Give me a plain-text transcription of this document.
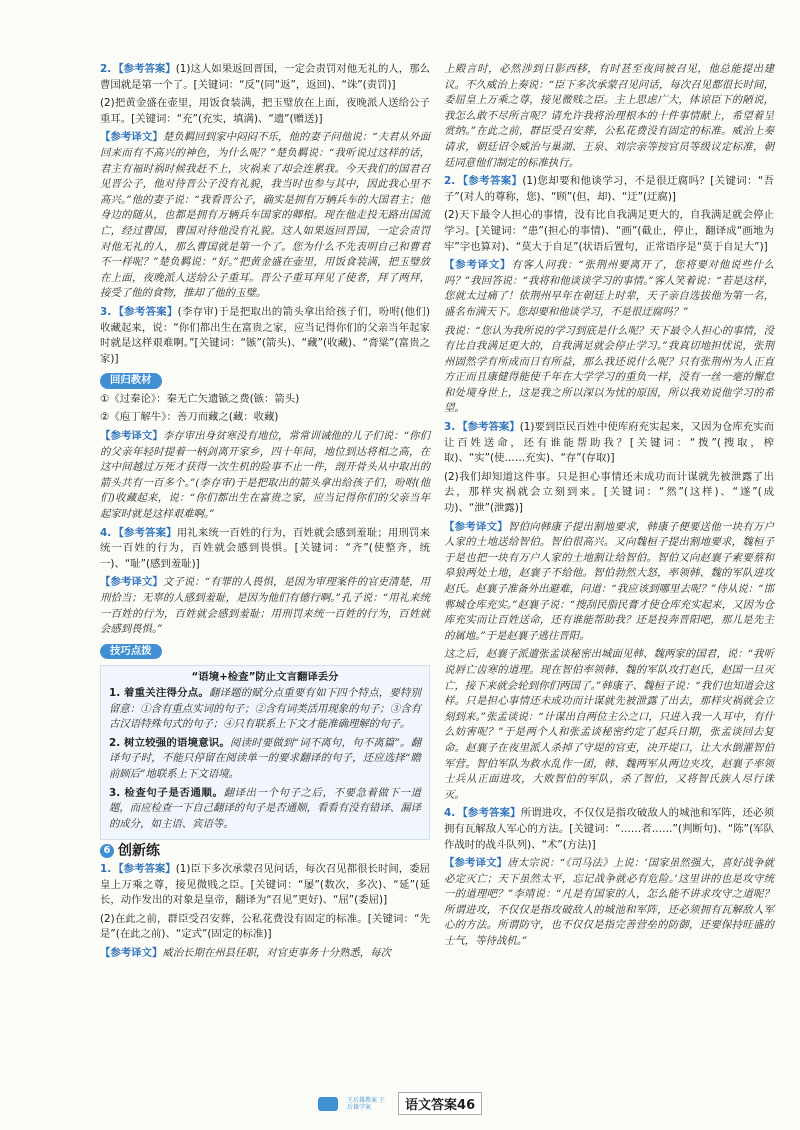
2. 【参考答案】(1)这人如果返回晋国，一定会责罚对他无礼的人，那么曹国就是第一个了。[关键词：“反”(同“返”，返回)、“诛”(责罚)]
(2)把黄金盛在壶里，用饭食装满，把玉璧放在上面，夜晚派人送给公子重耳。[关键词：“充”(充实，填满)、“遗”(赠送)]
【参考译文】楚负羁回到家中闷闷不乐，他的妻子问他说：“夫君从外面回来而有不高兴的神色，为什么呢？”楚负羁说：“我听说过这样的话，君主有福时祸时候我赶不上，灾祸来了却会连累我。今天我们的国君召见晋公子，他对待晋公子没有礼貌，我当时也参与其中，因此我心里不高兴。”他的妻子说：“我看晋公子，确实是拥有万辆兵车的大国君主；他身边的随从，也都是拥有万辆兵车国家的卿相。现在他走投无路出国流亡，经过曹国，曹国对待他没有礼貌。这人如果返回晋国，一定会责罚对他无礼的人，那么曹国就是第一个了。您为什么不先表明自己和曹君不一样呢？”楚负羁说：“好。”把黄金盛在壶里，用饭食装满，把玉璧放在上面，夜晚派人送给公子重耳。晋公子重耳拜见了使者，拜了两拜，接受了他的食物，推却了他的玉璧。
3. 【参考答案】(李存审)于是把取出的箭头拿出给孩子们，吩咐(他们)收藏起来，说：“你们都出生在富贵之家，应当记得你们的父亲当年起家时就是这样艰难啊。”[关键词：“镞”(箭头)、“藏”(收藏)、“膏粱”(富贵之家)]
回归教材
①《过秦论》：秦无亡矢遗镞之费(镞：箭头)
②《庖丁解牛》：善刀而藏之(藏：收藏)
【参考译文】李存审出身贫寒没有地位，常常训诫他的儿子们说：“你们的父亲年轻时提着一柄剑离开家乡，四十年间，地位到达将相之高，在这中间越过万死才获得一次生机的险事不止一件，剖开骨头从中取出的箭头共有一百多个。”(李存审)于是把取出的箭头拿出给孩子们，吩咐(他们)收藏起来，说：“你们都出生在富贵之家，应当记得你们的父亲当年起家时就是这样艰难啊。”
4. 【参考答案】用礼来统一百姓的行为，百姓就会感到羞耻；用刑罚来统一百姓的行为，百姓就会感到畏惧。[关键词：“齐”(使整齐，统一)、“耻”(感到羞耻)]
【参考译文】文子说：“有罪的人畏惧，是因为审理案件的官吏清楚，用刑恰当；无辜的人感到羞耻，是因为他们有德行啊。”孔子说：“用礼来统一百姓的行为，百姓就会感到羞耻；用刑罚来统一百姓的行为，百姓就会感到畏惧。”
技巧点拨
“语境+检查”防止文言翻译丢分
1. 着重关注得分点。翻译题的赋分点重要有如下四个特点，要特别留意：①含有重点实词的句子；②含有词类活用现象的句子；③含有古汉语特殊句式的句子；④只有联系上下文才能准确理解的句子。
2. 树立较强的语境意识。阅读时要做到“词不离句，句不离篇”。翻译句子时，不能只停留在阅读单一的要求翻译的句子，还应选择“瞻前顾后”地联系上下文语境。
3. 检查句子是否通顺。翻译出一个句子之后，不要急着做下一道题，而应检查一下自己翻译的句子是否通顺，看看有没有错译、漏译的成分，如主语、宾语等。
6 创新练
1. 【参考答案】(1)臣下多次承蒙召见问话，每次召见都很长时间，委屈皇上万乘之尊，接见微贱之臣。[关键词：“屡”(数次，多次)、“延”(延长，动作发出的对象是皇帝，翻译为“召见”更好)、“屈”(委屈)]
(2)在此之前，群臣受召安葬，公私花费没有固定的标准。[关键词：“先是”(在此之前)、“定式”(固定的标准)]
【参考译文】威治长期在州县任职，对官吏事务十分熟悉，每次
上殿言时，必然涉到日影西移，有时甚至夜间被召见，他总能提出建议。不久威治上奏说：“臣下多次承蒙召见问话，每次召见都很长时间，委屈皇上万乘之尊，接见微贱之臣。主上思虑广大，体谅臣下的陋说，我怎么敢不尽所言呢？请允许我将治理根本的十件事情献上，希望着呈赏纳。”在此之前，群臣受召安葬，公私花费没有固定的标准。威治上奏请求，朝廷诏令威治与巢湖、王泉、刘宗亲等按官员等级议定标准，朝廷同意他们制定的标准执行。
2. 【参考答案】(1)您却要和他谈学习，不是很迂腐吗？[关键词：“吾子”(对人的尊称，您)、“顾”(但，却)、“迂”(迂腐)]
(2)天下最令人担心的事情，没有比自我满足更大的，自我满足就会停止学习。[关键词：“患”(担心的事情)、“画”(截止，停止，翻译成“画地为牢”字也算对)、“莫大于自足”(状语后置句，正常语序是“莫于自足大”)]
【参考译文】有客人问我：“张荆州要离开了，您将要对他说些什么吗？”我回答说：“我将和他谈谈学习的事情。”客人笑着说：“若是这样，您就太过痛了！依荆州早年在朝廷上时辈，天子亲自选拔他为第一名，盛名布满天下。您却要和他谈学习，不是很迂腐吗？”
我说：“您认为我所说的学习到底是什么呢？天下最令人担心的事情，没有比自我满足更大的，自我满足就会停止学习。”我真切地担忧说，张荆州固然学有所成而日有所益，那么我还说什么呢？只有张荆州为人正直方正而且康健得能使千年在大学学习的重负一样，没有一丝一毫的懈怠和处境身世上，这是我之所以深以为忧的原因，所以我劝说他学习的希望。
3. 【参考答案】(1)要到臣民百姓中使库府充实起来，又因为仓库充实而让百姓送命，还有谁能帮助我？[关键词：“拨”(搜取，榨取)、“实”(使……充实)、“存”(存取)]
(2)我们却知道这件事。只是担心事情还未成功而计谋就先被泄露了出去，那样灾祸就会立刻到来。[关键词：“然”(这样)、“遂”(成功)、“泄”(泄露)]
【参考译文】智伯向韩康子提出割地要求，韩康子便要送他一块有万户人家的土地送给智伯。智伯很高兴。又向魏桓子提出割地要求，魏桓子于是也把一块有万户人家的土地割让给智伯。智伯又向赵襄子索要蔡和皋狼两处土地，赵襄子不给他。智伯勃然大怒，率领韩、魏的军队进攻赵氏。赵襄子准备外出避难，问道：“我应该到哪里去呢？”侍从说：“邯郸城仓库充实。”赵襄子说：“搜刮民脂民膏才使仓库充实起来，又因为仓库充实而让百姓送命，还有谁能帮助我？还是投奔晋阳吧，那儿是先主的属地。”于是赵襄子逃往晋阳。
这之后，赵襄子派遣张孟谈秘密出城面见韩、魏两家的国君，说：“我听说唇亡齿寒的道理。现在智伯率领韩、魏的军队攻打赵氏，赵国一旦灭亡，接下来就会轮到你们两国了。”韩康子、魏桓子说：“我们也知道会这样。只是担心事情还未成功而计谋就先被泄露了出去，那样灾祸就会立刻到来。”张孟谈说：“计谋出自两位主公之口，只进入我一人耳中，有什么妨害呢？”于是两个人和张孟谈秘密约定了起兵日期，张孟谈回去复命。赵襄子在夜里派人杀掉了守堤的官吏，决开堤口，让大水倒灌智伯军营。智伯军队为救水乱作一团，韩、魏两军从两边夹攻，赵襄子率领士兵从正面进攻，大败智伯的军队，杀了智伯，又将智氏族人尽行诛灭。
4. 【参考答案】所谓进攻，不仅仅是指攻破敌人的城池和军阵，还必须拥有瓦解敌人军心的方法。[关键词：“……者……”(判断句)、“陈”(军队作战时的战斗队列)、“术”(方法)]
【参考译文】唐太宗说：“《司马法》上说：‘国家虽然强大，喜好战争就必定灭亡；天下虽然太平，忘记战争就必有危险。’这里讲的也是攻守统一的道理吧？”李靖说：“凡是有国家的人，怎么能不讲求攻守之道呢？所谓进攻，不仅仅是指攻破敌人的城池和军阵，还必须拥有瓦解敌人军心的方法。所谓防守，也不仅仅是指完善营垒的防御，还要保持旺盛的士气，等待战机。”
王后雄教案 王后雄学案	语文答案46
